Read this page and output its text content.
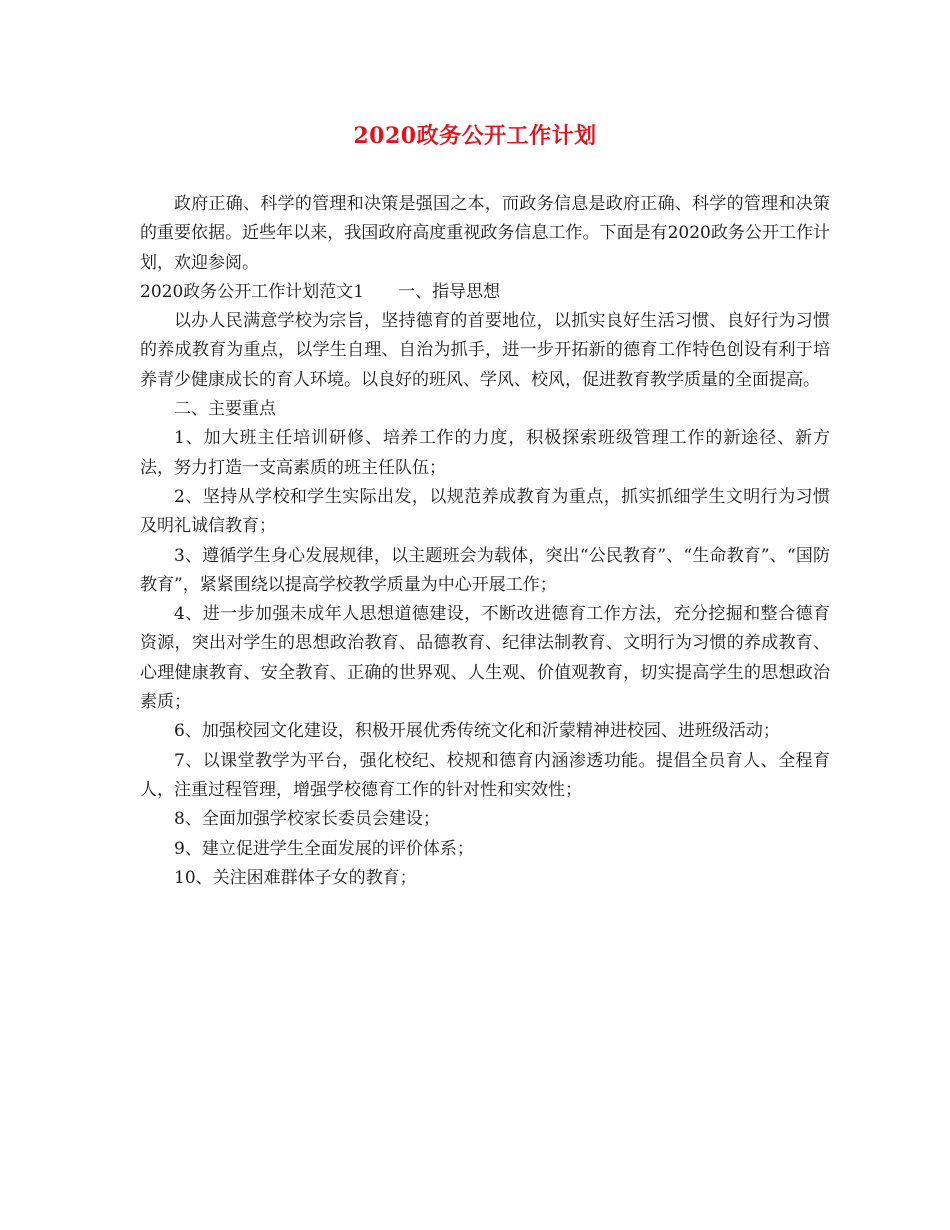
2020政务公开工作计划

政府正确、科学的管理和决策是强国之本，而政务信息是政府正确、科学的管理和决策的重要依据。近些年以来，我国政府高度重视政务信息工作。下面是有2020政务公开工作计划，欢迎参阅。

2020政务公开工作计划范文1　　一、指导思想

以办人民满意学校为宗旨，坚持德育的首要地位，以抓实良好生活习惯、良好行为习惯的养成教育为重点，以学生自理、自治为抓手，进一步开拓新的德育工作特色创设有利于培养青少健康成长的育人环境。以良好的班风、学风、校风，促进教育教学质量的全面提高。

二、主要重点

1、加大班主任培训研修、培养工作的力度，积极探索班级管理工作的新途径、新方法，努力打造一支高素质的班主任队伍；

2、坚持从学校和学生实际出发，以规范养成教育为重点，抓实抓细学生文明行为习惯及明礼诚信教育；

3、遵循学生身心发展规律，以主题班会为载体，突出“公民教育”、“生命教育”、“国防教育”，紧紧围绕以提高学校教学质量为中心开展工作；

4、进一步加强未成年人思想道德建设，不断改进德育工作方法，充分挖掘和整合德育资源，突出对学生的思想政治教育、品德教育、纪律法制教育、文明行为习惯的养成教育、心理健康教育、安全教育、正确的世界观、人生观、价值观教育，切实提高学生的思想政治素质；

6、加强校园文化建设，积极开展优秀传统文化和沂蒙精神进校园、进班级活动；

7、以课堂教学为平台，强化校纪、校规和德育内涵渗透功能。提倡全员育人、全程育人，注重过程管理，增强学校德育工作的针对性和实效性；

8、全面加强学校家长委员会建设；

9、建立促进学生全面发展的评价体系；

10、关注困难群体子女的教育；
